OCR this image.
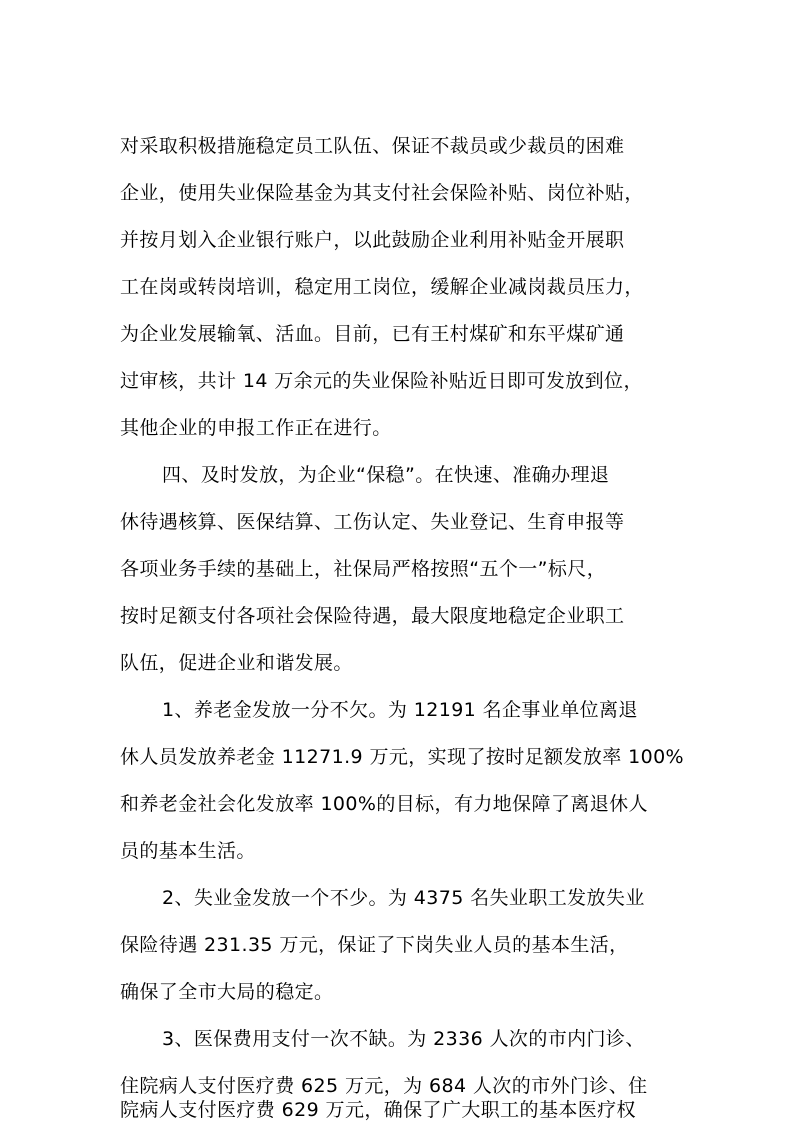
对采取积极措施稳定员工队伍、保证不裁员或少裁员的困难
企业，使用失业保险基金为其支付社会保险补贴、岗位补贴，
并按月划入企业银行账户，以此鼓励企业利用补贴金开展职
工在岗或转岗培训，稳定用工岗位，缓解企业减岗裁员压力，
为企业发展输氧、活血。目前，已有王村煤矿和东平煤矿通
过审核，共计 14 万余元的失业保险补贴近日即可发放到位，
其他企业的申报工作正在进行。
四、及时发放，为企业“保稳”。在快速、准确办理退
休待遇核算、医保结算、工伤认定、失业登记、生育申报等
各项业务手续的基础上，社保局严格按照“五个一”标尺，
按时足额支付各项社会保险待遇，最大限度地稳定企业职工
队伍，促进企业和谐发展。
1、养老金发放一分不欠。为 12191 名企事业单位离退
休人员发放养老金 11271.9 万元，实现了按时足额发放率 100%
和养老金社会化发放率 100%的目标，有力地保障了离退休人
员的基本生活。
2、失业金发放一个不少。为 4375 名失业职工发放失业
保险待遇 231.35 万元，保证了下岗失业人员的基本生活，
确保了全市大局的稳定。
3、医保费用支付一次不缺。为 2336 人次的市内门诊、
住院病人支付医疗费 625 万元，为 684 人次的市外门诊、住
院病人支付医疗费 629 万元，确保了广大职工的基本医疗权
